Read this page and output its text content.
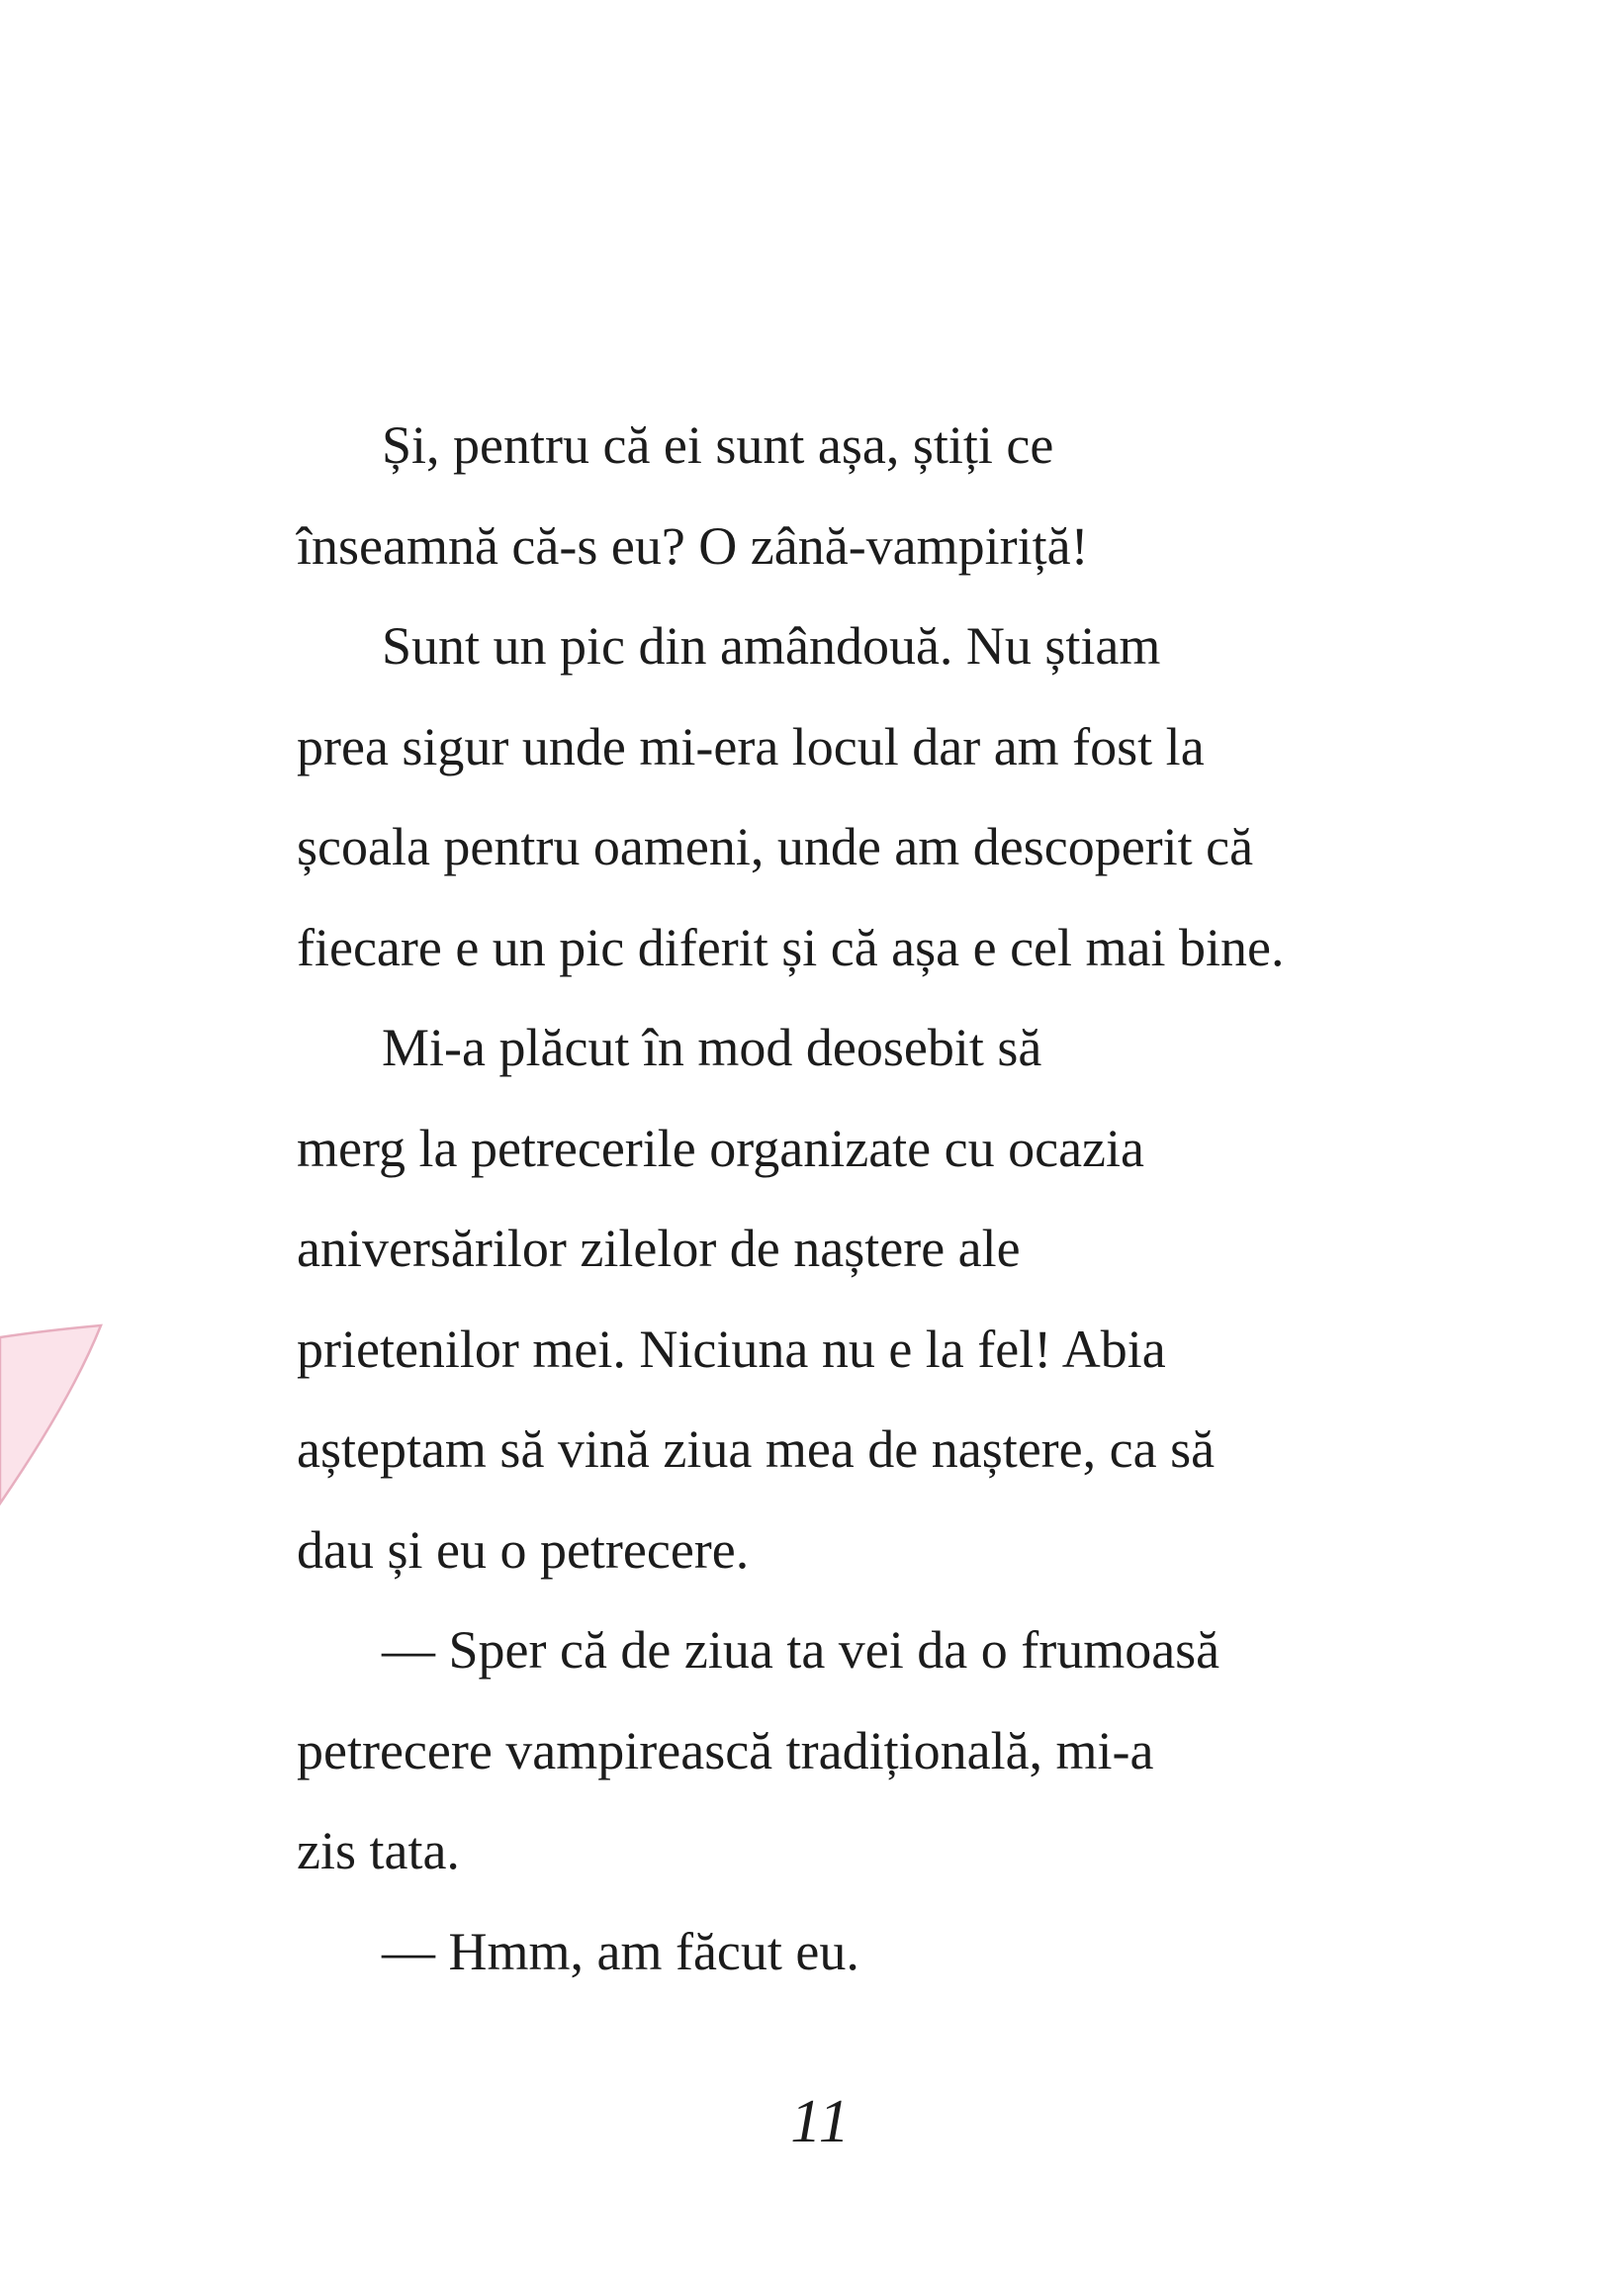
Și, pentru că ei sunt așa, știți ce
înseamnă că-s eu? O zână-vampiriță!
Sunt un pic din amândouă. Nu știam
prea sigur unde mi-era locul dar am fost la
școala pentru oameni, unde am descoperit că
fiecare e un pic diferit și că așa e cel mai bine.
Mi-a plăcut în mod deosebit să
merg la petrecerile organizate cu ocazia
aniversărilor zilelor de naștere ale
prietenilor mei. Niciuna nu e la fel! Abia
așteptam să vină ziua mea de naștere, ca să
dau și eu o petrecere.
— Sper că de ziua ta vei da o frumoasă
petrecere vampirească tradițională, mi-a
zis tata.
— Hmm, am făcut eu.
11
